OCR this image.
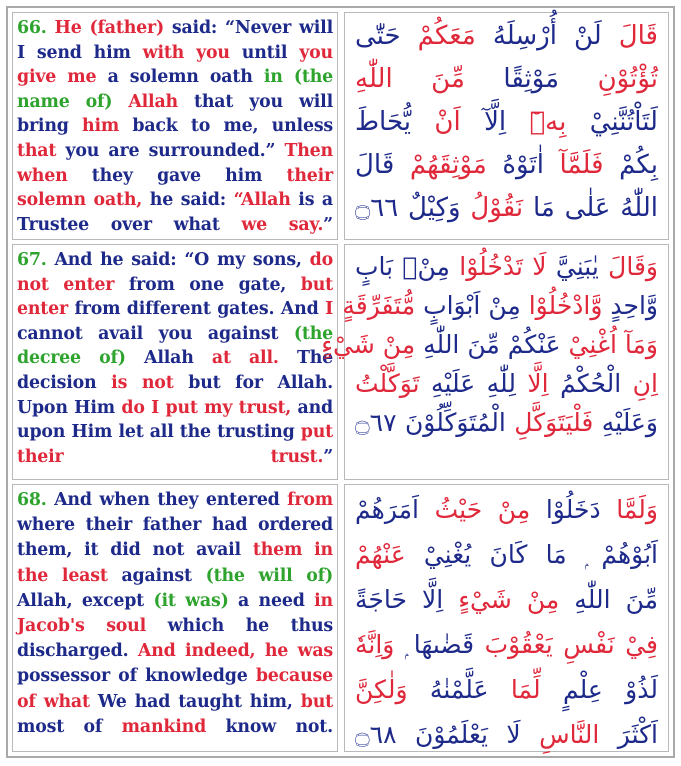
66. He (father) said: “Never will I send him with you until you give me a solemn oath in (the name of) Allah that you will bring him back to me, unless that you are surrounded.” Then when they gave him their solemn oath, he said: “Allah is a Trustee over what we say.”

قَالَ لَنْ أُرْسِلَهُ مَعَكُمْ حَتّٰى
تُؤْتُوْنِ مَوْثِقًا مِّنَ اللّٰهِ
لَتَاْتُنَّنِيْ بِهٖٓ اِلَّآ اَنْ يُّحَاطَ
بِكُمْ فَلَمَّآ اٰتَوْهُ مَوْثِقَهُمْ قَالَ
اللّٰهُ عَلٰى مَا نَقُوْلُ وَكِيْلٌ ۝٦٦

67. And he said: “O my sons, do not enter from one gate, but enter from different gates. And I cannot avail you against (the decree of) Allah at all. The decision is not but for Allah. Upon Him do I put my trust, and upon Him let all the trusting put their trust.”

وَقَالَ يٰبَنِيَّ لَا تَدْخُلُوْا مِنْۢ بَابٍ
وَّاحِدٍ وَّادْخُلُوْا مِنْ اَبْوَابٍ مُّتَفَرِّقَةٍ
وَمَآ اُغْنِيْ عَنْكُمْ مِّنَ اللّٰهِ مِنْ شَيْءٍ
اِنِ الْحُكْمُ اِلَّا لِلّٰهِ عَلَيْهِ تَوَكَّلْتُ
وَعَلَيْهِ فَلْيَتَوَكَّلِ الْمُتَوَكِّلُوْنَ ۝٦٧

68. And when they entered from where their father had ordered them, it did not avail them in the least against (the will of) Allah, except (it was) a need in Jacob's soul which he thus discharged. And indeed, he was possessor of knowledge because of what We had taught him, but most of mankind know not.

وَلَمَّا دَخَلُوْا مِنْ حَيْثُ اَمَرَهُمْ
اَبُوْهُمْ ۭ مَا كَانَ يُغْنِيْ عَنْهُمْ
مِّنَ اللّٰهِ مِنْ شَيْءٍ اِلَّا حَاجَةً
فِيْ نَفْسِ يَعْقُوْبَ قَضٰىهَا ۭ وَاِنَّهٗ
لَذُوْ عِلْمٍ لِّمَا عَلَّمْنٰهُ وَلٰكِنَّ
اَكْثَرَ النَّاسِ لَا يَعْلَمُوْنَ ۝٦٨
